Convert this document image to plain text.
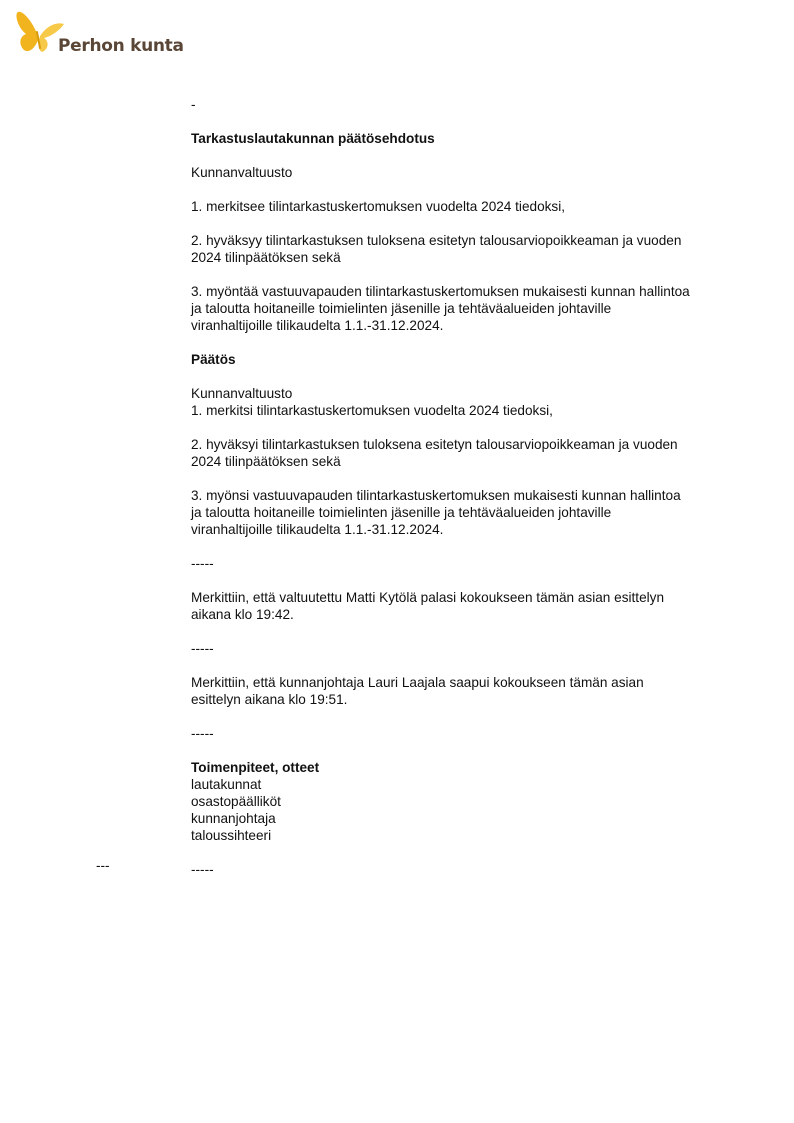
Perhon kunta

-

Tarkastuslautakunnan päätösehdotus

Kunnanvaltuusto

1. merkitsee tilintarkastuskertomuksen vuodelta 2024 tiedoksi,

2. hyväksyy tilintarkastuksen tuloksena esitetyn talousarviopoikkeaman ja vuoden 2024 tilinpäätöksen sekä

3. myöntää vastuuvapauden tilintarkastuskertomuksen mukaisesti kunnan hallintoa ja taloutta hoitaneille toimielinten jäsenille ja tehtäväalueiden johtaville viranhaltijoille tilikaudelta 1.1.-31.12.2024.

Päätös

Kunnanvaltuusto

1. merkitsi tilintarkastuskertomuksen vuodelta 2024 tiedoksi,

2. hyväksyi tilintarkastuksen tuloksena esitetyn talousarviopoikkeaman ja vuoden 2024 tilinpäätöksen sekä

3. myönsi vastuuvapauden tilintarkastuskertomuksen mukaisesti kunnan hallintoa ja taloutta hoitaneille toimielinten jäsenille ja tehtäväalueiden johtaville viranhaltijoille tilikaudelta 1.1.-31.12.2024.

-----

Merkittiin, että valtuutettu Matti Kytölä palasi kokoukseen tämän asian esittelyn aikana klo 19:42.

-----

Merkittiin, että kunnanjohtaja Lauri Laajala saapui kokoukseen tämän asian esittelyn aikana klo 19:51.

-----

Toimenpiteet, otteet

lautakunnat

osastopäälliköt

kunnanjohtaja

taloussihteeri

-----

---
